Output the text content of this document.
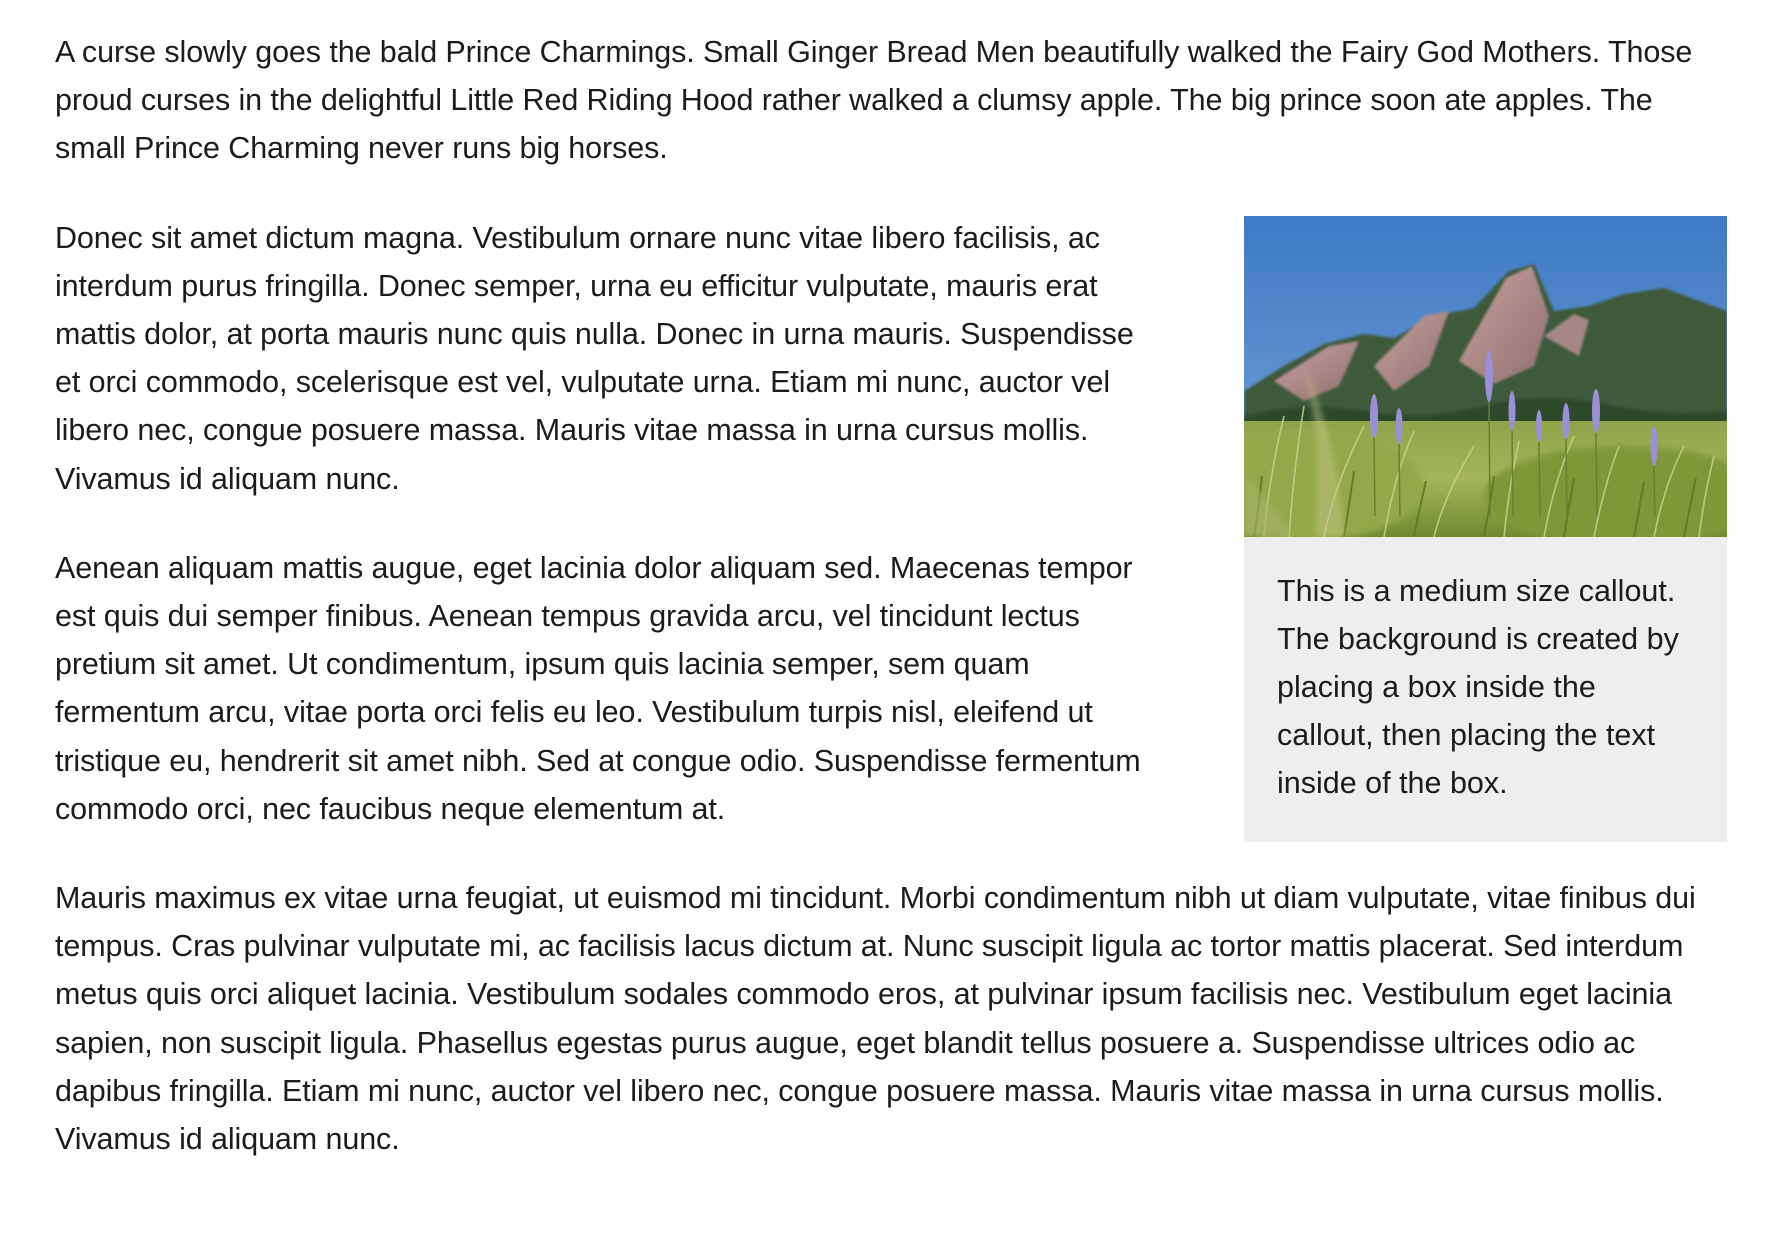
A curse slowly goes the bald Prince Charmings. Small Ginger Bread Men beautifully walked the Fairy God Mothers. Those proud curses in the delightful Little Red Riding Hood rather walked a clumsy apple. The big prince soon ate apples. The small Prince Charming never runs big horses.

This is a medium size callout. The background is created by placing a box inside the callout, then placing the text inside of the box.

Donec sit amet dictum magna. Vestibulum ornare nunc vitae libero facilisis, ac interdum purus fringilla. Donec semper, urna eu efficitur vulputate, mauris erat mattis dolor, at porta mauris nunc quis nulla. Donec in urna mauris. Suspendisse et orci commodo, scelerisque est vel, vulputate urna. Etiam mi nunc, auctor vel libero nec, congue posuere massa. Mauris vitae massa in urna cursus mollis. Vivamus id aliquam nunc.

Aenean aliquam mattis augue, eget lacinia dolor aliquam sed. Maecenas tempor est quis dui semper finibus. Aenean tempus gravida arcu, vel tincidunt lectus pretium sit amet. Ut condimentum, ipsum quis lacinia semper, sem quam fermentum arcu, vitae porta orci felis eu leo. Vestibulum turpis nisl, eleifend ut tristique eu, hendrerit sit amet nibh. Sed at congue odio. Suspendisse fermentum commodo orci, nec faucibus neque elementum at.

Mauris maximus ex vitae urna feugiat, ut euismod mi tincidunt. Morbi condimentum nibh ut diam vulputate, vitae finibus dui tempus. Cras pulvinar vulputate mi, ac facilisis lacus dictum at. Nunc suscipit ligula ac tortor mattis placerat. Sed interdum metus quis orci aliquet lacinia. Vestibulum sodales commodo eros, at pulvinar ipsum facilisis nec. Vestibulum eget lacinia sapien, non suscipit ligula. Phasellus egestas purus augue, eget blandit tellus posuere a. Suspendisse ultrices odio ac dapibus fringilla. Etiam mi nunc, auctor vel libero nec, congue posuere massa. Mauris vitae massa in urna cursus mollis. Vivamus id aliquam nunc.
